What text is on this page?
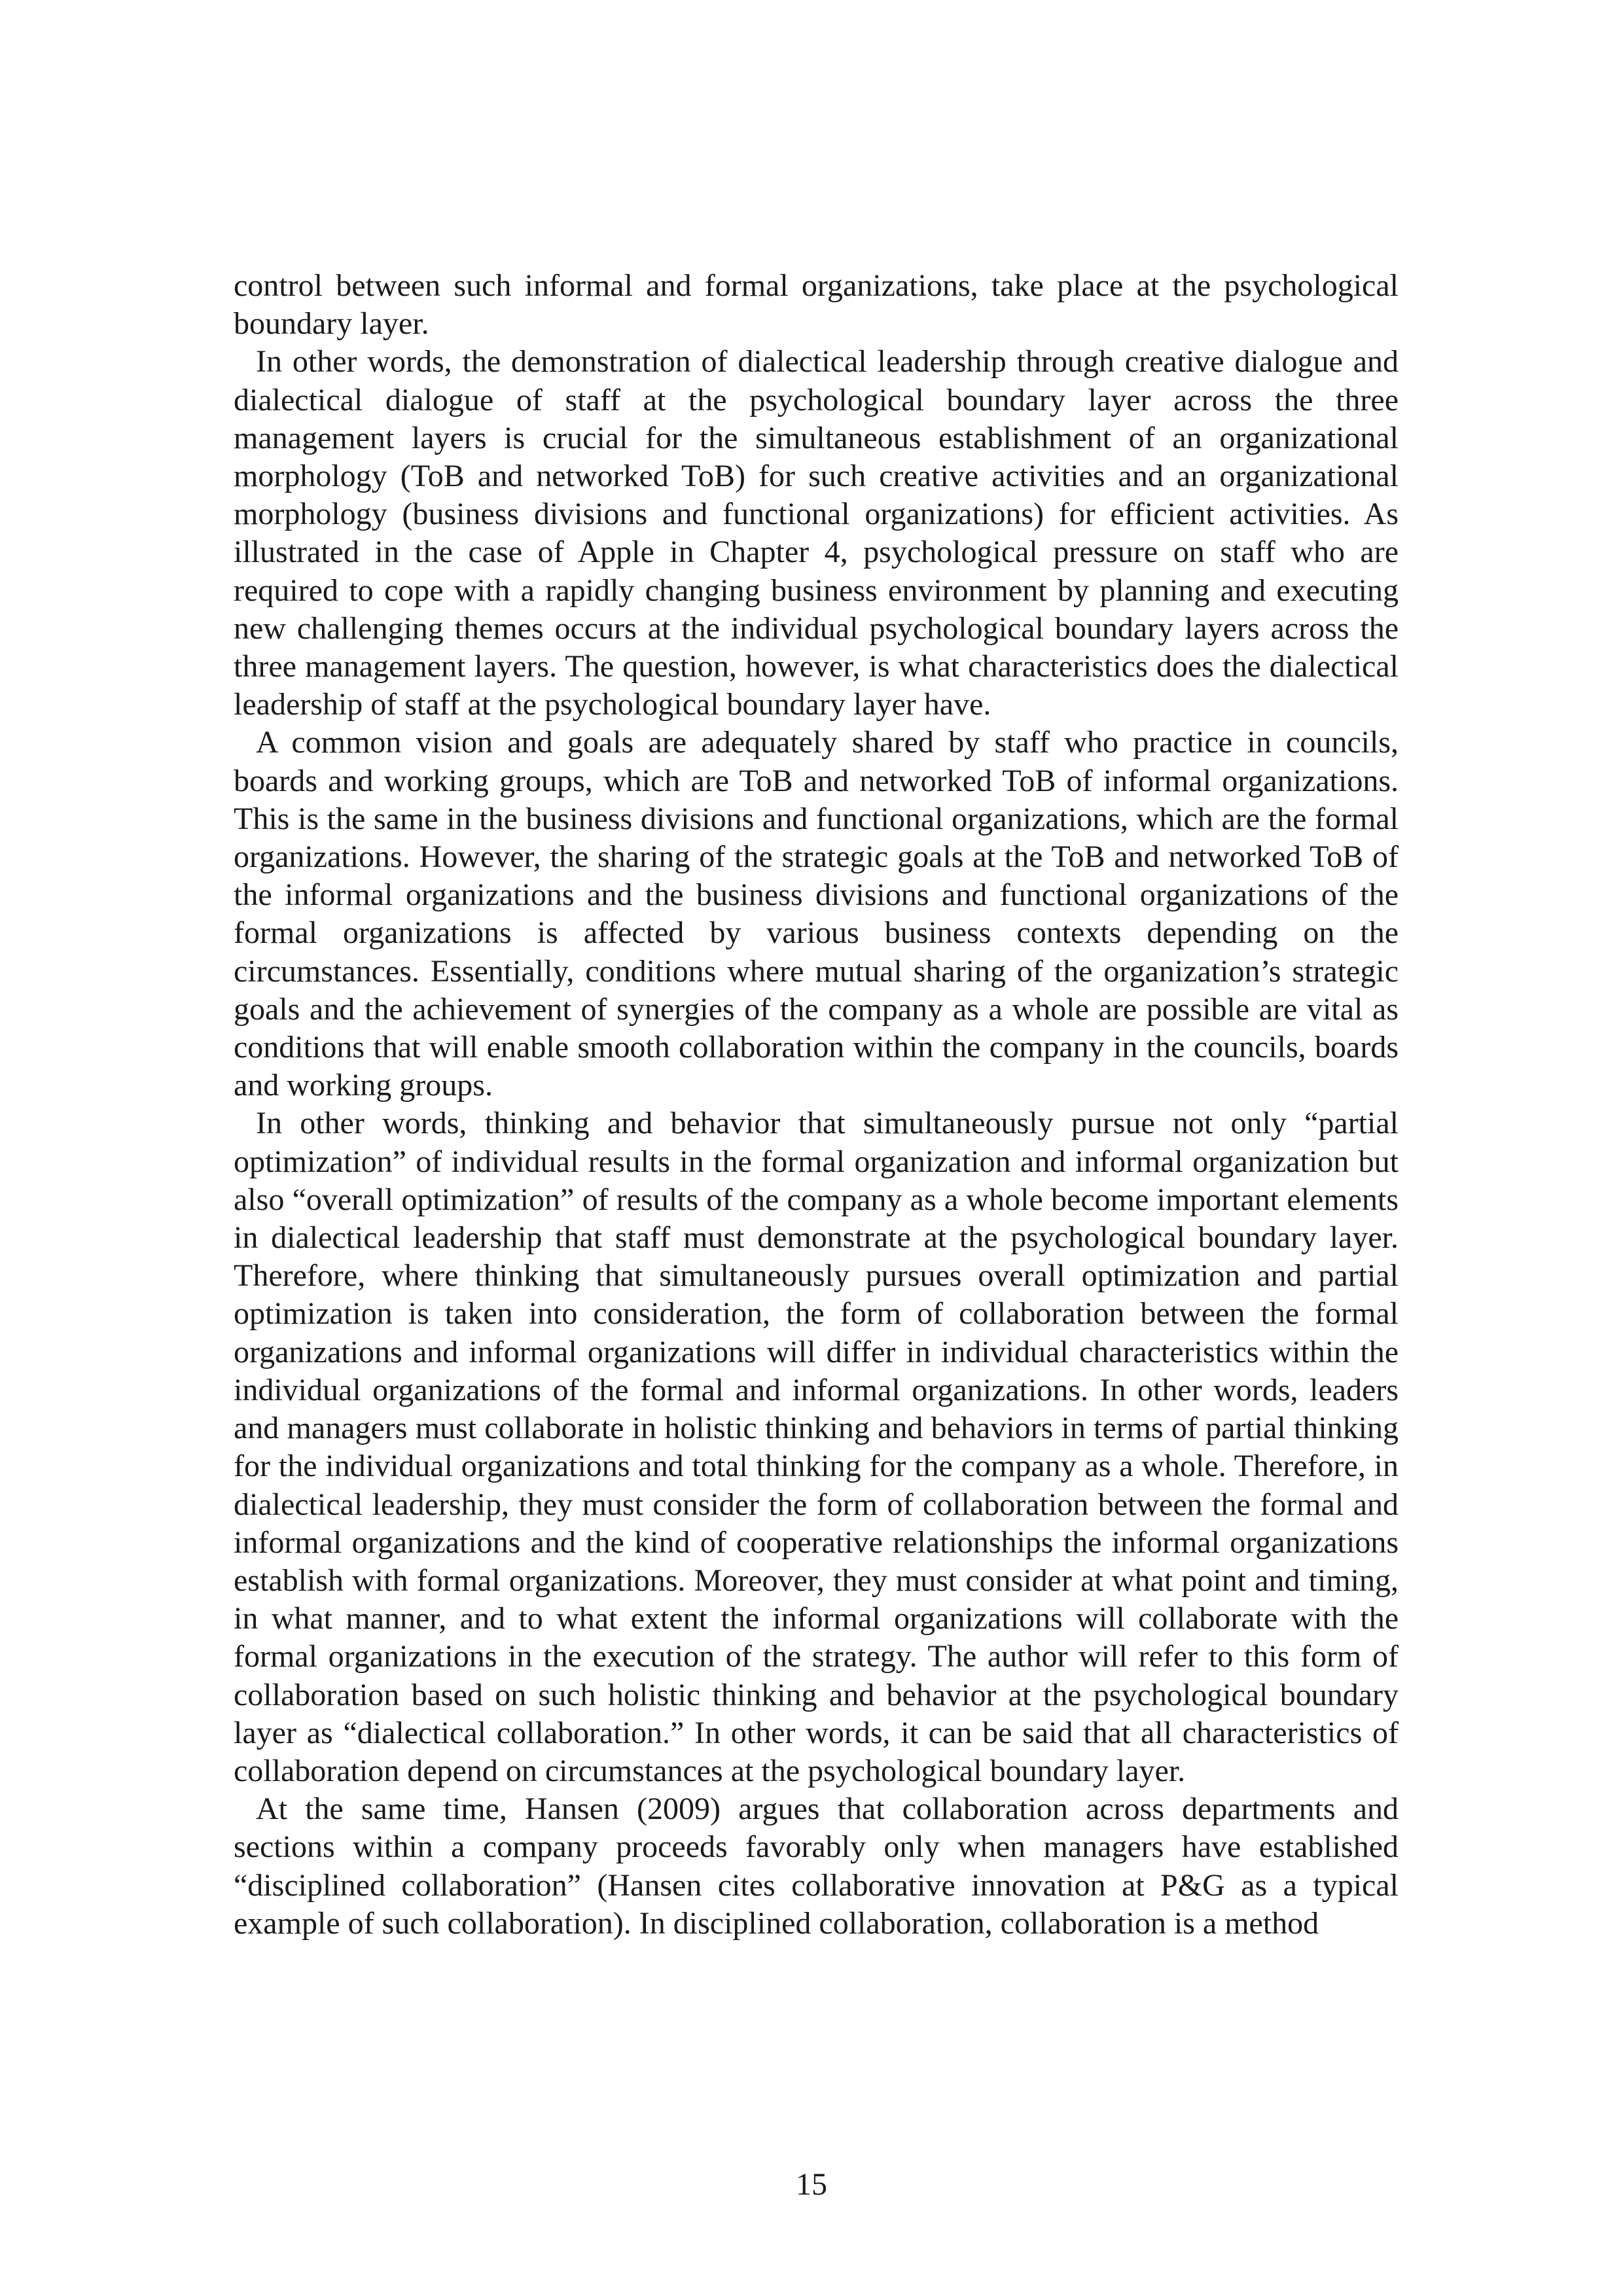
control between such informal and formal organizations, take place at the psychological boundary layer.

In other words, the demonstration of dialectical leadership through creative dialogue and dialectical dialogue of staff at the psychological boundary layer across the three management layers is crucial for the simultaneous establishment of an organizational morphology (ToB and networked ToB) for such creative activities and an organizational morphology (business divisions and functional organizations) for efficient activities. As illustrated in the case of Apple in Chapter 4, psychological pressure on staff who are required to cope with a rapidly changing business environment by planning and executing new challenging themes occurs at the individual psychological boundary layers across the three management layers. The question, however, is what characteristics does the dialectical leadership of staff at the psychological boundary layer have.

A common vision and goals are adequately shared by staff who practice in councils, boards and working groups, which are ToB and networked ToB of informal organizations. This is the same in the business divisions and functional organizations, which are the formal organizations. However, the sharing of the strategic goals at the ToB and networked ToB of the informal organizations and the business divisions and functional organizations of the formal organizations is affected by various business contexts depending on the circumstances. Essentially, conditions where mutual sharing of the organization’s strategic goals and the achievement of synergies of the company as a whole are possible are vital as conditions that will enable smooth collaboration within the company in the councils, boards and working groups.

In other words, thinking and behavior that simultaneously pursue not only “partial optimization” of individual results in the formal organization and informal organization but also “overall optimization” of results of the company as a whole become important elements in dialectical leadership that staff must demonstrate at the psychological boundary layer. Therefore, where thinking that simultaneously pursues overall optimization and partial optimization is taken into consideration, the form of collaboration between the formal organizations and informal organizations will differ in individual characteristics within the individual organizations of the formal and informal organizations. In other words, leaders and managers must collaborate in holistic thinking and behaviors in terms of partial thinking for the individual organizations and total thinking for the company as a whole. Therefore, in dialectical leadership, they must consider the form of collaboration between the formal and informal organizations and the kind of cooperative relationships the informal organizations establish with formal organizations. Moreover, they must consider at what point and timing, in what manner, and to what extent the informal organizations will collaborate with the formal organizations in the execution of the strategy. The author will refer to this form of collaboration based on such holistic thinking and behavior at the psychological boundary layer as “dialectical collaboration.” In other words, it can be said that all characteristics of collaboration depend on circumstances at the psychological boundary layer.

At the same time, Hansen (2009) argues that collaboration across departments and sections within a company proceeds favorably only when managers have established “disciplined collaboration” (Hansen cites collaborative innovation at P&G as a typical example of such collaboration). In disciplined collaboration, collaboration is a method

15
